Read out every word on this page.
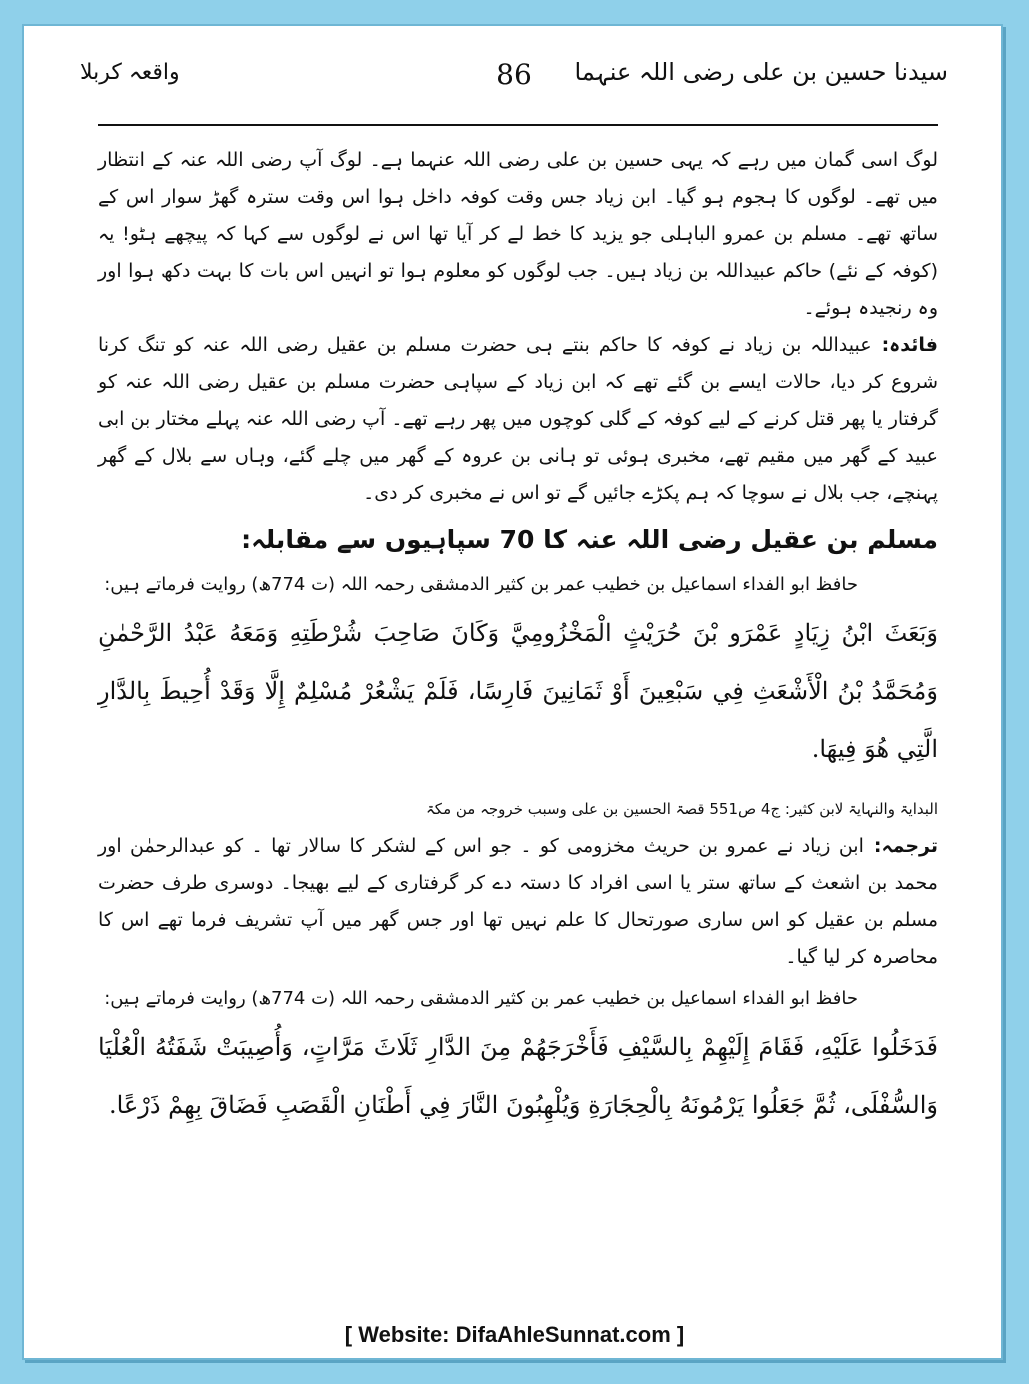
سیدنا حسین بن علی رضی اللہ عنہما
86
واقعہ کربلا

لوگ اسی گمان میں رہے کہ یہی حسین بن علی رضی اللہ عنہما ہے۔ لوگ آپ رضی اللہ عنہ کے انتظار میں تھے۔ لوگوں کا ہجوم ہو گیا۔ ابن زیاد جس وقت کوفہ داخل ہوا اس وقت سترہ گھڑ سوار اس کے ساتھ تھے۔ مسلم بن عمرو الباہلی جو یزید کا خط لے کر آیا تھا اس نے لوگوں سے کہا کہ پیچھے ہٹو! یہ (کوفہ کے نئے) حاکم عبیداللہ بن زیاد ہیں۔ جب لوگوں کو معلوم ہوا تو انہیں اس بات کا بہت دکھ ہوا اور وہ رنجیدہ ہوئے۔

فائدہ:عبیداللہ بن زیاد نے کوفہ کا حاکم بنتے ہی حضرت مسلم بن عقیل رضی اللہ عنہ کو تنگ کرنا شروع کر دیا، حالات ایسے بن گئے تھے کہ ابن زیاد کے سپاہی حضرت مسلم بن عقیل رضی اللہ عنہ کو گرفتار یا پھر قتل کرنے کے لیے کوفہ کے گلی کوچوں میں پھر رہے تھے۔ آپ رضی اللہ عنہ پہلے مختار بن ابی عبید کے گھر میں مقیم تھے، مخبری ہوئی تو ہانی بن عروہ کے گھر میں چلے گئے، وہاں سے بلال کے گھر پہنچے، جب بلال نے سوچا کہ ہم پکڑے جائیں گے تو اس نے مخبری کر دی۔

مسلم بن عقیل رضی اللہ عنہ کا 70 سپاہیوں سے مقابلہ:

حافظ ابو الفداء اسماعیل بن خطیب عمر بن کثیر الدمشقی رحمہ اللہ (ت 774ھ) روایت فرماتے ہیں:

وَبَعَثَ ابْنُ زِيَادٍ عَمْرَو بْنَ حُرَيْثٍ الْمَخْزُومِيَّ وَكَانَ صَاحِبَ شُرْطَتِهِ وَمَعَهُ عَبْدُ الرَّحْمٰنِ وَمُحَمَّدُ بْنُ الْأَشْعَثِ فِي سَبْعِينَ أَوْ ثَمَانِينَ فَارِسًا، فَلَمْ يَشْعُرْ مُسْلِمٌ إِلَّا وَقَدْ أُحِيطَ بِالدَّارِ الَّتِي هُوَ فِيهَا.

البدایۃ والنہایۃ لابن کثیر: ج4 ص551 قصۃ الحسین بن علی وسبب خروجہ من مکۃ

ترجمہ:ابن زیاد نے عمرو بن حریث مخزومی کو ۔ جو اس کے لشکر کا سالار تھا ۔ کو عبدالرحمٰن اور محمد بن اشعث کے ساتھ ستر یا اسی افراد کا دستہ دے کر گرفتاری کے لیے بھیجا۔ دوسری طرف حضرت مسلم بن عقیل کو اس ساری صورتحال کا علم نہیں تھا اور جس گھر میں آپ تشریف فرما تھے اس کا محاصرہ کر لیا گیا۔

حافظ ابو الفداء اسماعیل بن خطیب عمر بن کثیر الدمشقی رحمہ اللہ (ت 774ھ) روایت فرماتے ہیں:

فَدَخَلُوا عَلَيْهِ، فَقَامَ إِلَيْهِمْ بِالسَّيْفِ فَأَخْرَجَهُمْ مِنَ الدَّارِ ثَلَاثَ مَرَّاتٍ، وَأُصِيبَتْ شَفَتُهُ الْعُلْيَا وَالسُّفْلَى، ثُمَّ جَعَلُوا يَرْمُونَهُ بِالْحِجَارَةِ وَيُلْهِبُونَ النَّارَ فِي أَطْنَانِ الْقَصَبِ فَضَاقَ بِهِمْ ذَرْعًا.

[ Website: DifaAhleSunnat.com ]
